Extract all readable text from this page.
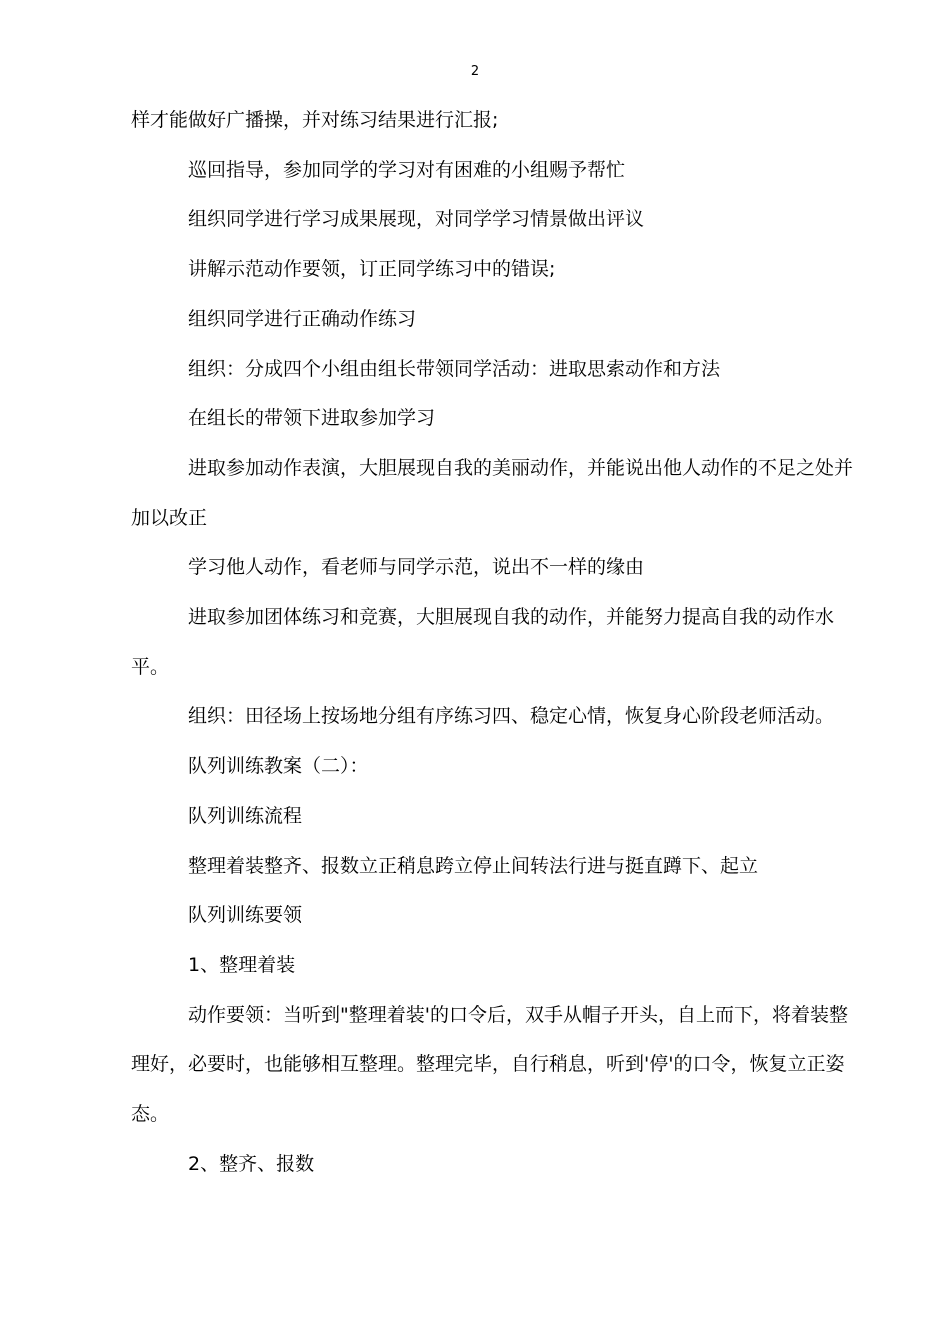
2

样才能做好广播操，并对练习结果进行汇报;

巡回指导，参加同学的学习对有困难的小组赐予帮忙

组织同学进行学习成果展现，对同学学习情景做出评议

讲解示范动作要领，订正同学练习中的错误;

组织同学进行正确动作练习

组织：分成四个小组由组长带领同学活动：进取思索动作和方法

在组长的带领下进取参加学习

进取参加动作表演，大胆展现自我的美丽动作，并能说出他人动作的不足之处并加以改正

学习他人动作，看老师与同学示范，说出不一样的缘由

进取参加团体练习和竞赛，大胆展现自我的动作，并能努力提高自我的动作水平。

组织：田径场上按场地分组有序练习四、稳定心情，恢复身心阶段老师活动。

队列训练教案（二）：

队列训练流程

整理着装整齐、报数立正稍息跨立停止间转法行进与挺直蹲下、起立

队列训练要领

1、整理着装

动作要领：当听到"整理着装'的口令后，双手从帽子开头，自上而下，将着装整理好，必要时，也能够相互整理。整理完毕，自行稍息，听到'停'的口令，恢复立正姿态。

2、整齐、报数
